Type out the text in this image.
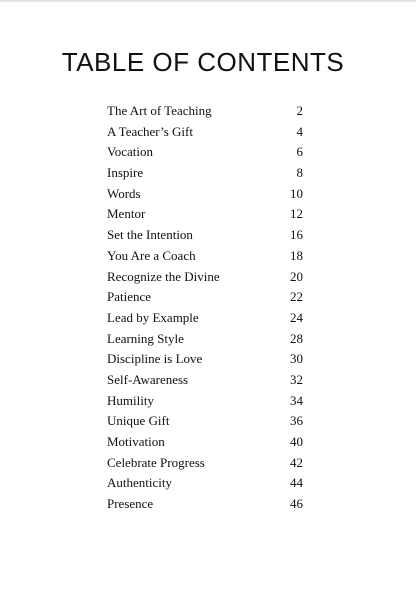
TABLE OF CONTENTS
The Art of Teaching	2
A Teacher’s Gift	4
Vocation	6
Inspire	8
Words	10
Mentor	12
Set the Intention	16
You Are a Coach	18
Recognize the Divine	20
Patience	22
Lead by Example	24
Learning Style	28
Discipline is Love	30
Self-Awareness	32
Humility	34
Unique Gift	36
Motivation	40
Celebrate Progress	42
Authenticity	44
Presence	46
